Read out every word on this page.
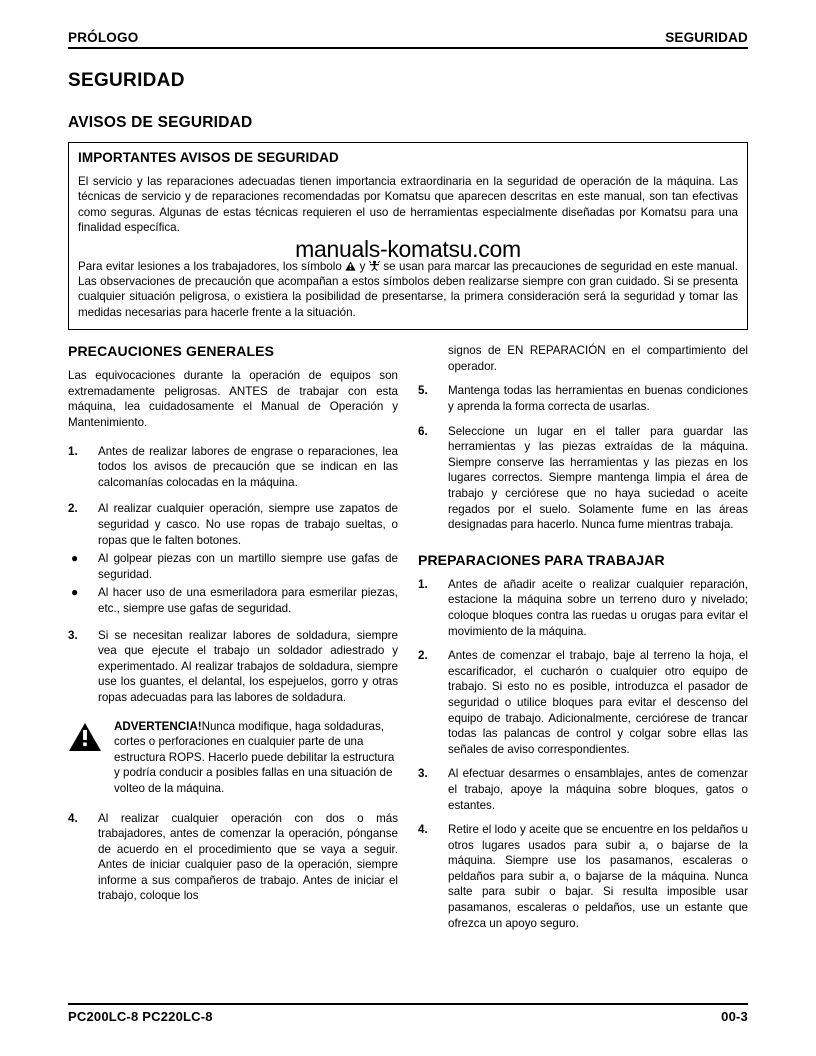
PRÓLOGO	SEGURIDAD
SEGURIDAD
AVISOS DE SEGURIDAD
IMPORTANTES AVISOS DE SEGURIDAD
El servicio y las reparaciones adecuadas tienen importancia extraordinaria en la seguridad de operación de la máquina. Las técnicas de servicio y de reparaciones recomendadas por Komatsu que aparecen descritas en este manual, son tan efectivas como seguras. Algunas de estas técnicas requieren el uso de herramientas especialmente diseñadas por Komatsu para una finalidad específica.
Para evitar lesiones a los trabajadores, los símbolo y se usan para marcar las precauciones de seguridad en este manual. Las observaciones de precaución que acompañan a estos símbolos deben realizarse siempre con gran cuidado. Si se presenta cualquier situación peligrosa, o existiera la posibilidad de presentarse, la primera consideración será la seguridad y tomar las medidas necesarias para hacerle frente a la situación.
manuals-komatsu.com
PRECAUCIONES GENERALES
Las equivocaciones durante la operación de equipos son extremadamente peligrosas. ANTES de trabajar con esta máquina, lea cuidadosamente el Manual de Operación y Mantenimiento.
1.	Antes de realizar labores de engrase o reparaciones, lea todos los avisos de precaución que se indican en las calcomanías colocadas en la máquina.
2.	Al realizar cualquier operación, siempre use zapatos de seguridad y casco. No use ropas de trabajo sueltas, o ropas que le falten botones.
●	Al golpear piezas con un martillo siempre use gafas de seguridad.
●	Al hacer uso de una esmeriladora para esmerilar piezas, etc., siempre use gafas de seguridad.
3.	Si se necesitan realizar labores de soldadura, siempre vea que ejecute el trabajo un soldador adiestrado y experimentado. Al realizar trabajos de soldadura, siempre use los guantes, el delantal, los espejuelos, gorro y otras ropas adecuadas para las labores de soldadura.
ADVERTENCIA!Nunca modifique, haga soldaduras, cortes o perforaciones en cualquier parte de una estructura ROPS. Hacerlo puede debilitar la estructura y podría conducir a posibles fallas en una situación de volteo de la máquina.
4.	Al realizar cualquier operación con dos o más trabajadores, antes de comenzar la operación, pónganse de acuerdo en el procedimiento que se vaya a seguir. Antes de iniciar cualquier paso de la operación, siempre informe a sus compañeros de trabajo. Antes de iniciar el trabajo, coloque los
signos de EN REPARACIÓN en el compartimiento del operador.
5.	Mantenga todas las herramientas en buenas condiciones y aprenda la forma correcta de usarlas.
6.	Seleccione un lugar en el taller para guardar las herramientas y las piezas extraídas de la máquina. Siempre conserve las herramientas y las piezas en los lugares correctos. Siempre mantenga limpia el área de trabajo y cerciórese que no haya suciedad o aceite regados por el suelo. Solamente fume en las áreas designadas para hacerlo. Nunca fume mientras trabaja.
PREPARACIONES PARA TRABAJAR
1.	Antes de añadir aceite o realizar cualquier reparación, estacione la máquina sobre un terreno duro y nivelado; coloque bloques contra las ruedas u orugas para evitar el movimiento de la máquina.
2.	Antes de comenzar el trabajo, baje al terreno la hoja, el escarificador, el cucharón o cualquier otro equipo de trabajo. Si esto no es posible, introduzca el pasador de seguridad o utilice bloques para evitar el descenso del equipo de trabajo. Adicionalmente, cerciórese de trancar todas las palancas de control y colgar sobre ellas las señales de aviso correspondientes.
3.	Al efectuar desarmes o ensamblajes, antes de comenzar el trabajo, apoye la máquina sobre bloques, gatos o estantes.
4.	Retire el lodo y aceite que se encuentre en los peldaños u otros lugares usados para subir a, o bajarse de la máquina. Siempre use los pasamanos, escaleras o peldaños para subir a, o bajarse de la máquina. Nunca salte para subir o bajar. Si resulta imposible usar pasamanos, escaleras o peldaños, use un estante que ofrezca un apoyo seguro.
PC200LC-8 PC220LC-8	00-3
